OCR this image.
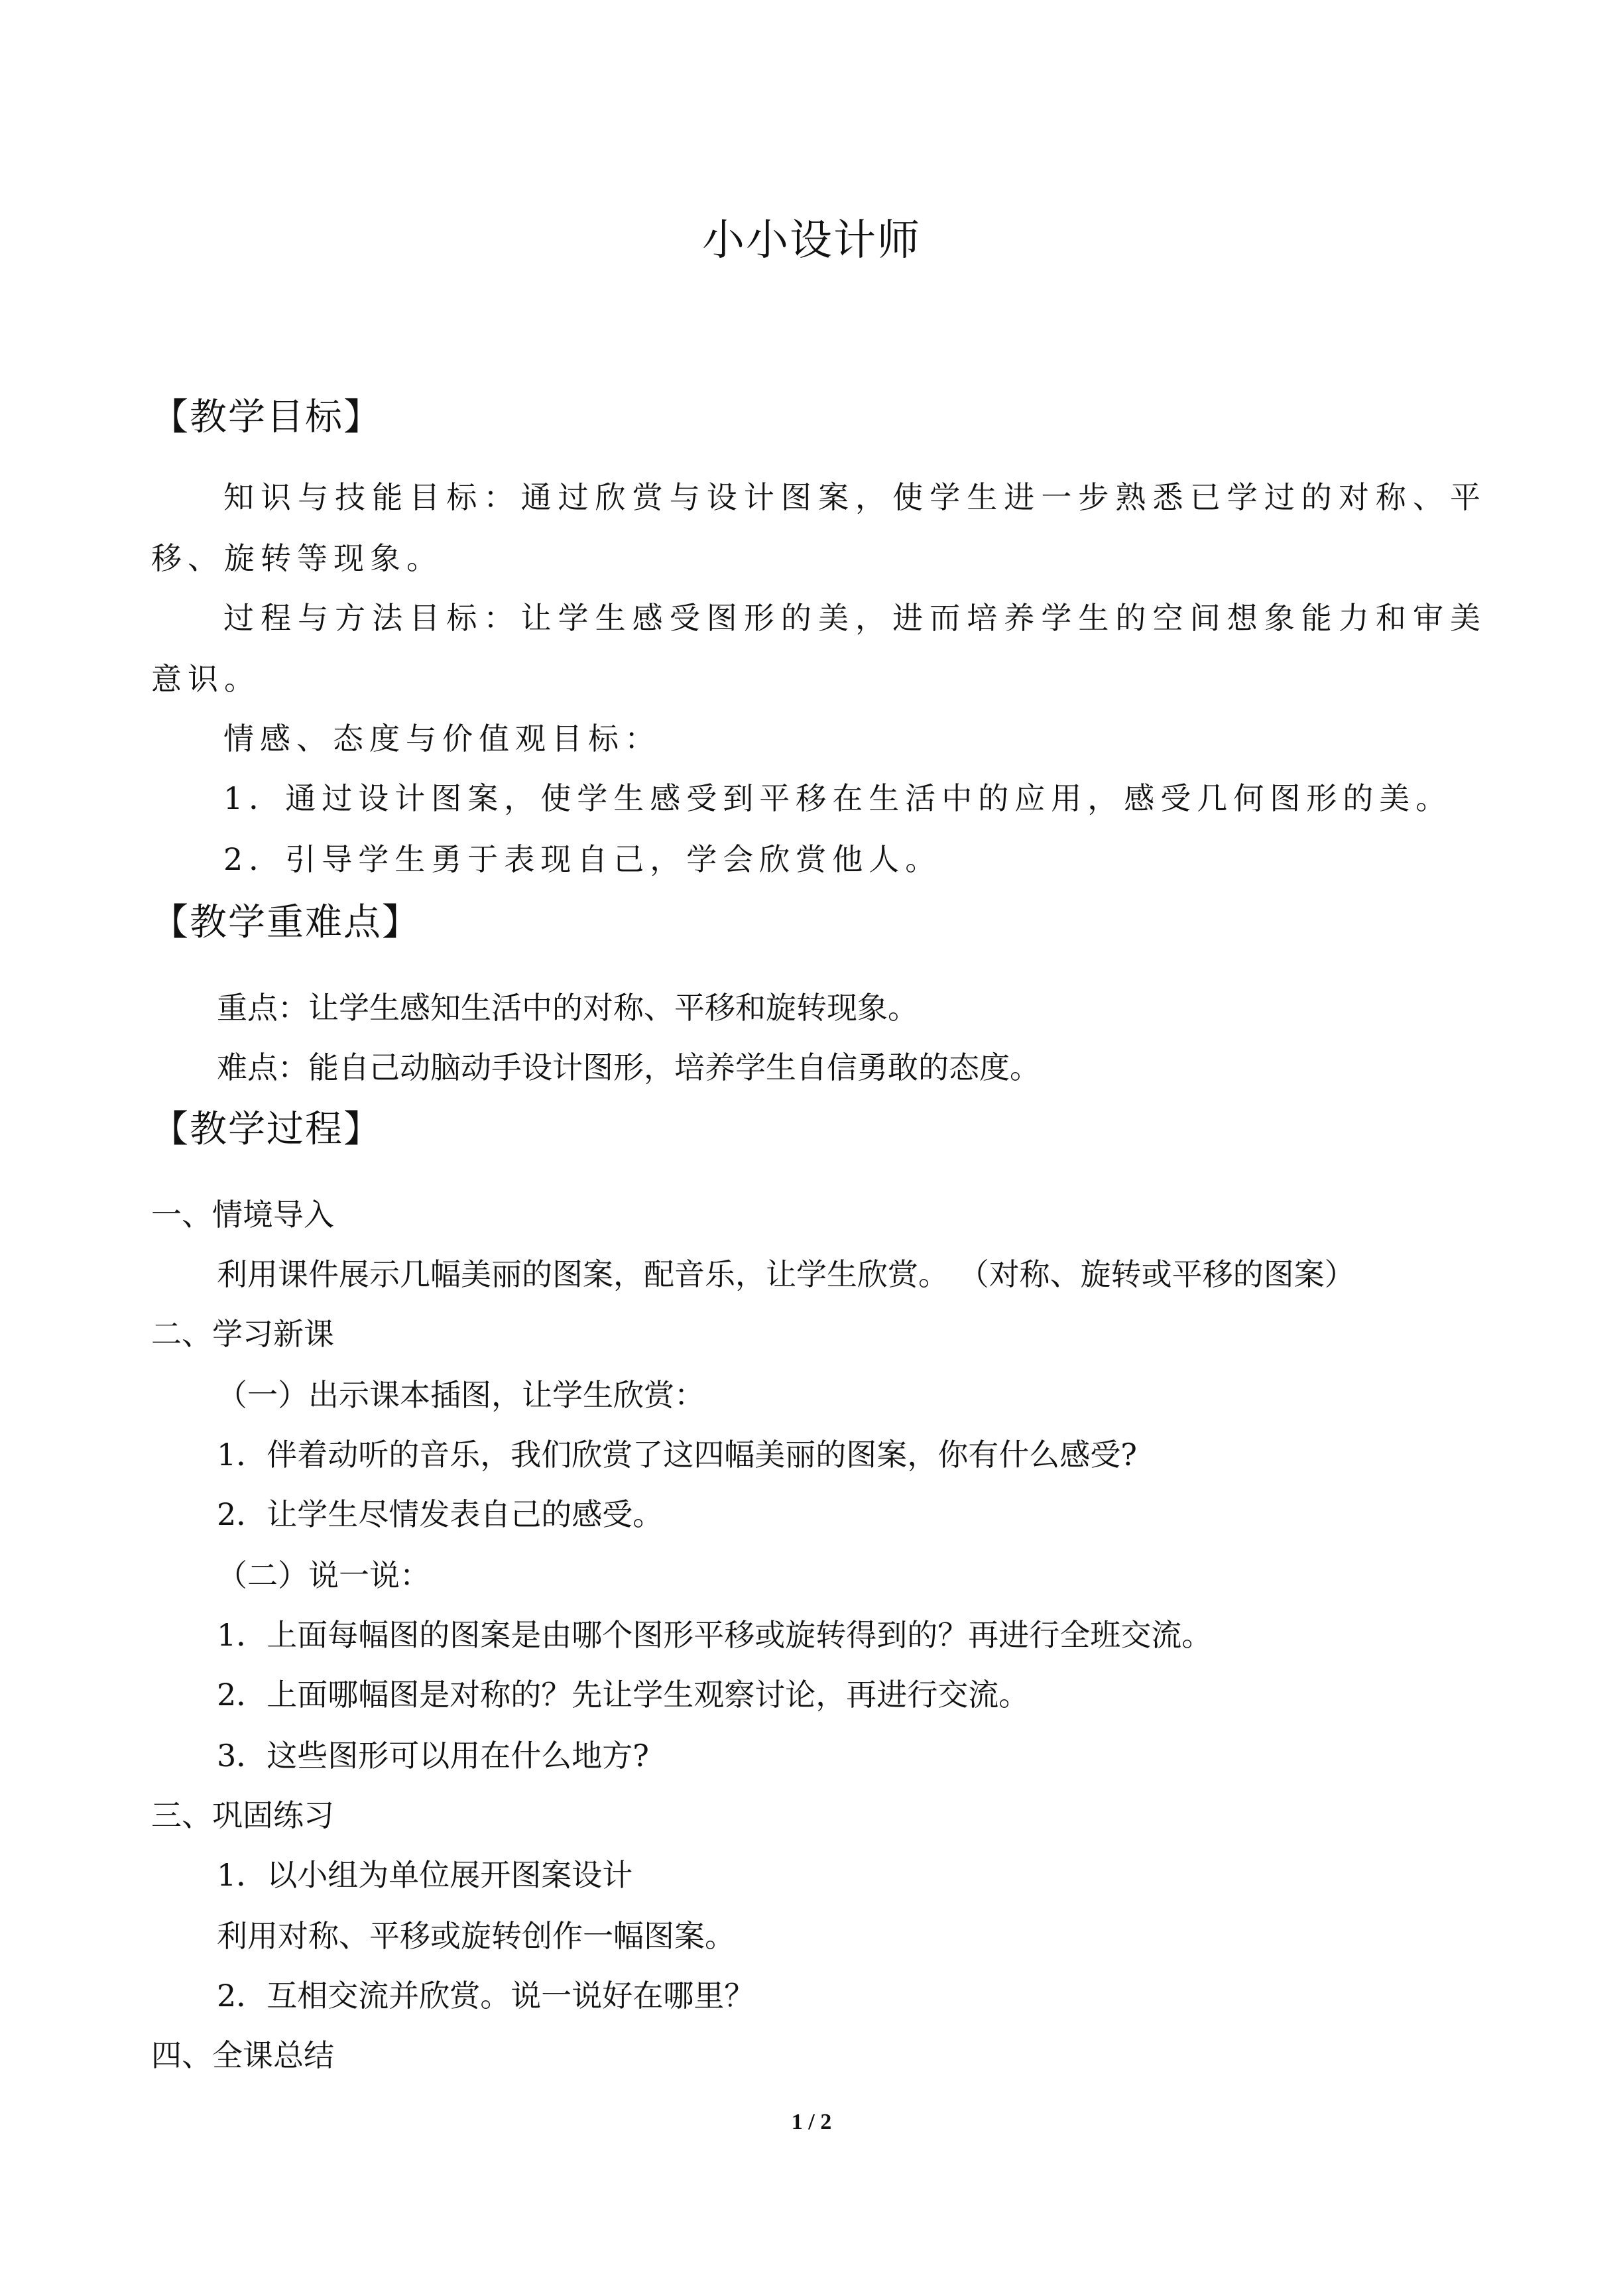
小小设计师
【教学目标】
知识与技能目标：通过欣赏与设计图案，使学生进一步熟悉已学过的对称、平
移、旋转等现象。
过程与方法目标：让学生感受图形的美，进而培养学生的空间想象能力和审美
意识。
情感、态度与价值观目标：
1．通过设计图案，使学生感受到平移在生活中的应用，感受几何图形的美。
2．引导学生勇于表现自己，学会欣赏他人。
【教学重难点】
重点：让学生感知生活中的对称、平移和旋转现象。
难点：能自己动脑动手设计图形，培养学生自信勇敢的态度。
【教学过程】
一、情境导入
利用课件展示几幅美丽的图案，配音乐，让学生欣赏。 （对称、旋转或平移的图案）
二、学习新课
（一）出示课本插图，让学生欣赏：
1．伴着动听的音乐，我们欣赏了这四幅美丽的图案，你有什么感受?
2．让学生尽情发表自己的感受。
（二）说一说：
1．上面每幅图的图案是由哪个图形平移或旋转得到的？再进行全班交流。
2．上面哪幅图是对称的？先让学生观察讨论，再进行交流。
3．这些图形可以用在什么地方?
三、巩固练习
1．以小组为单位展开图案设计
利用对称、平移或旋转创作一幅图案。
2．互相交流并欣赏。说一说好在哪里？
四、全课总结
1 / 2
